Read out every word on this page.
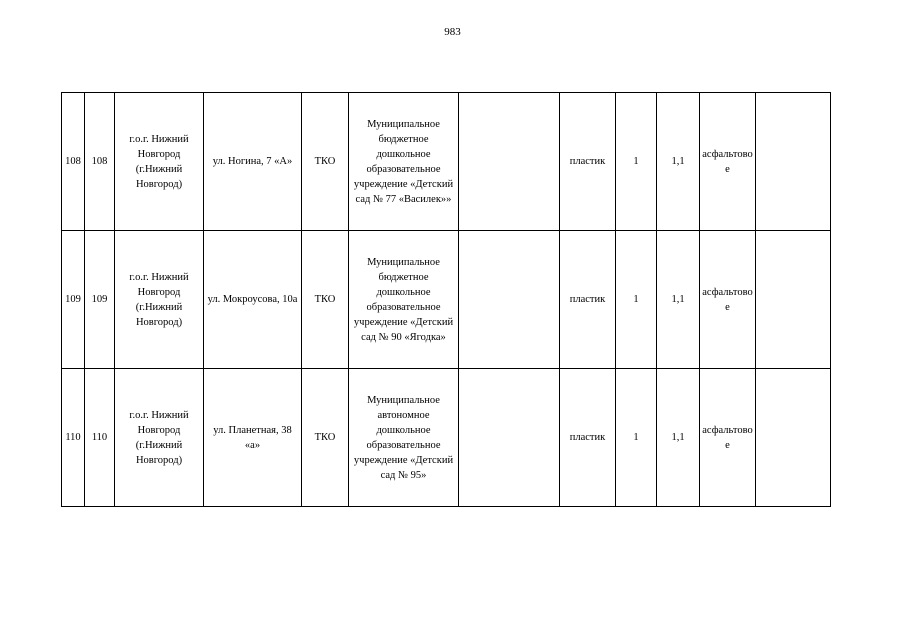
983
108	108	г.о.г. Нижний Новгород (г.Нижний Новгород)	ул. Ногина, 7 «А»	ТКО	Муниципальное бюджетное дошкольное образовательное учреждение «Детский сад № 77 «Василек»»		пластик	1	1,1	асфальтовое	
109	109	г.о.г. Нижний Новгород (г.Нижний Новгород)	ул. Мокроусова, 10а	ТКО	Муниципальное бюджетное дошкольное образовательное учреждение «Детский сад № 90 «Ягодка»		пластик	1	1,1	асфальтовое	
110	110	г.о.г. Нижний Новгород (г.Нижний Новгород)	ул. Планетная, 38 «а»	ТКО	Муниципальное автономное дошкольное образовательное учреждение «Детский сад № 95»		пластик	1	1,1	асфальтовое	
